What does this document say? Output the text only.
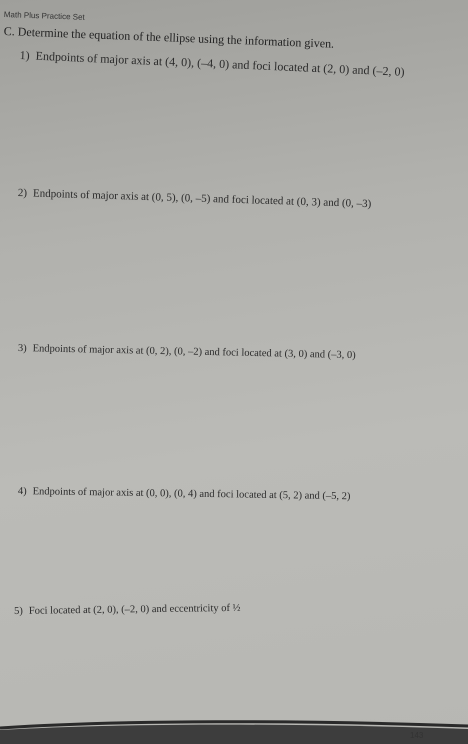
Math Plus Practice Set
C. Determine the equation of the ellipse using the information given.
1) Endpoints of major axis at (4, 0), (–4, 0) and foci located at (2, 0) and (–2, 0)
2) Endpoints of major axis at (0, 5), (0, –5) and foci located at (0, 3) and (0, –3)
3) Endpoints of major axis at (0, 2), (0, –2) and foci located at (3, 0) and (–3, 0)
4) Endpoints of major axis at (0, 0), (0, 4) and foci located at (5, 2) and (–5, 2)
5) Foci located at (2, 0), (–2, 0) and eccentricity of ½
143
